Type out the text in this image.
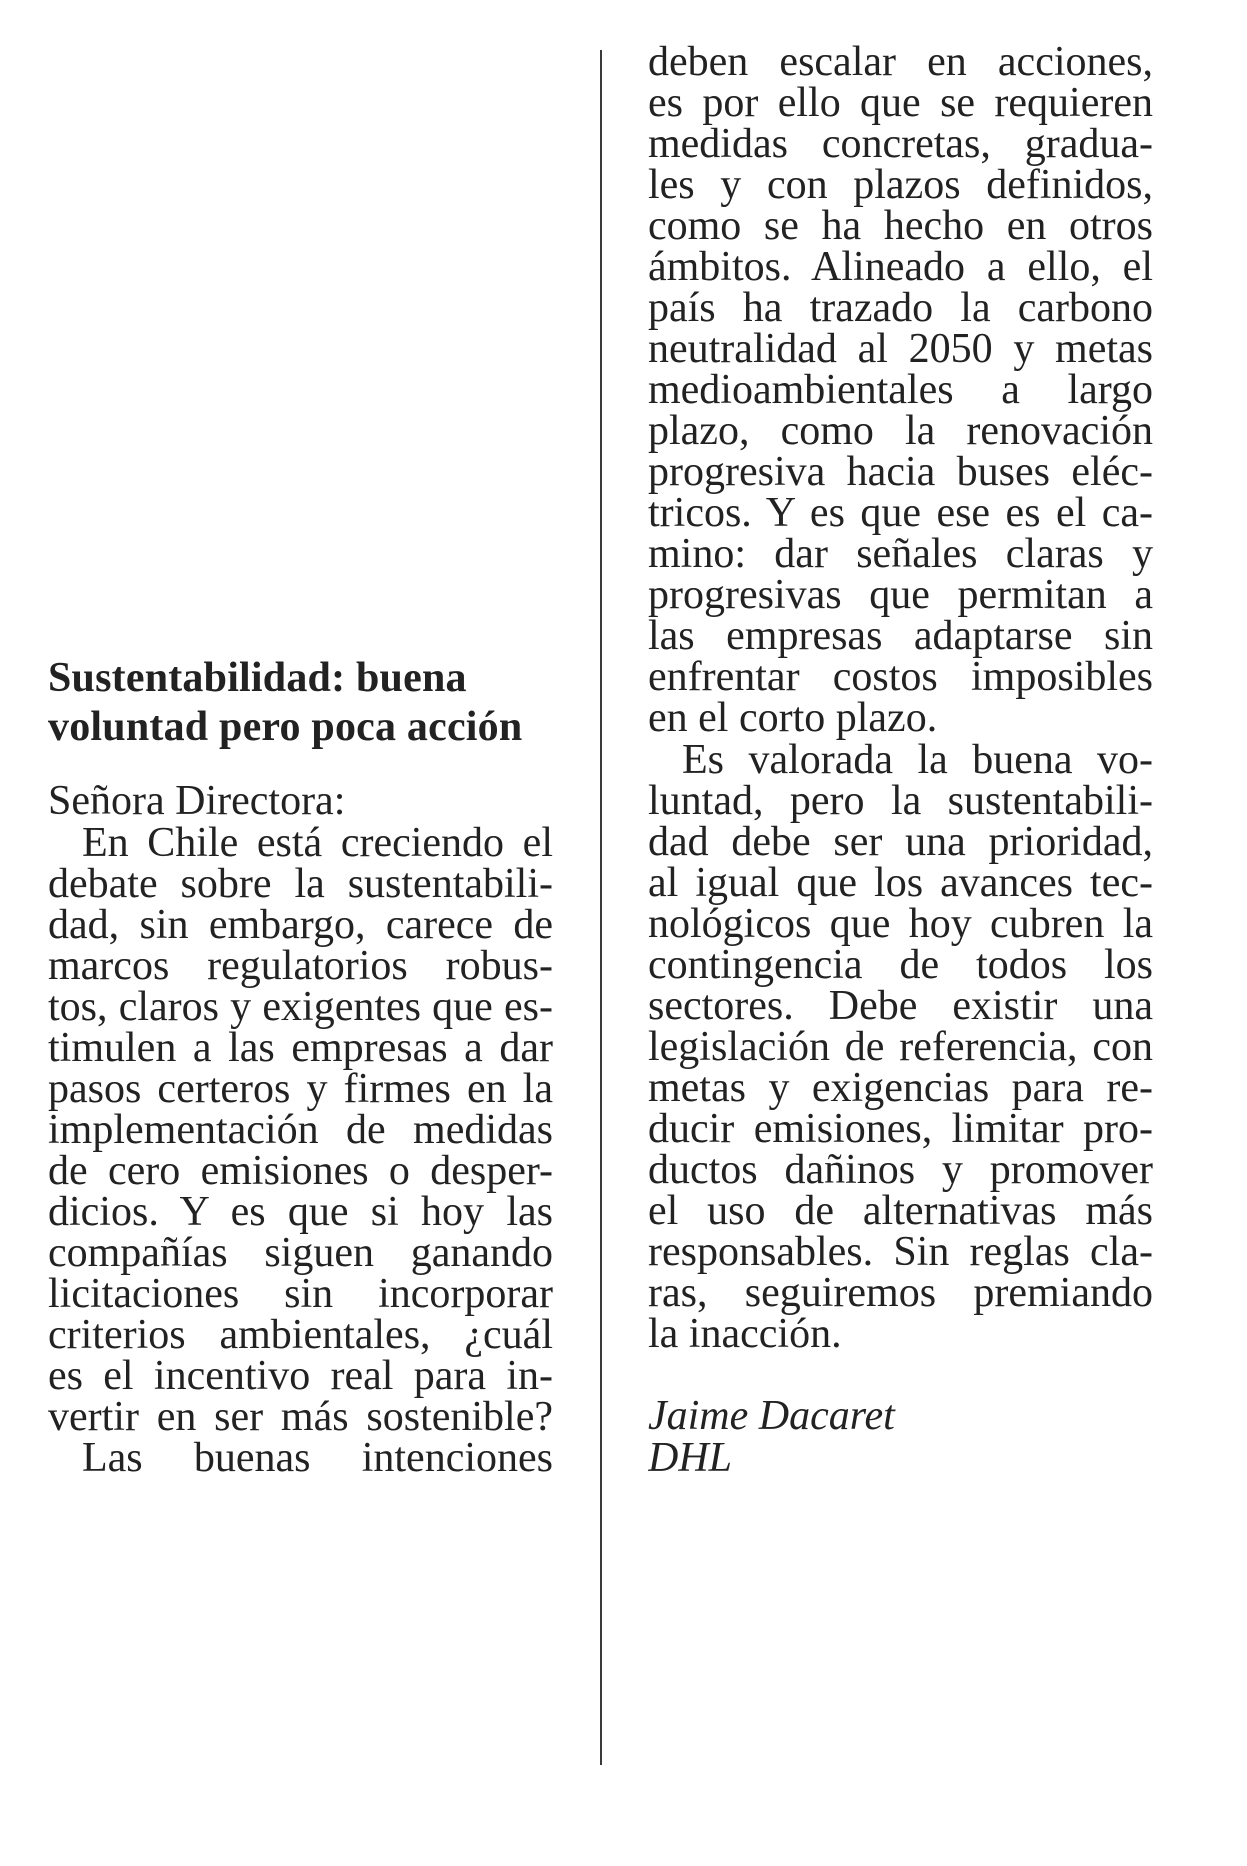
Sustentabilidad: buena
voluntad pero poca acción
Señora Directora:
En Chile está creciendo el
debate sobre la sustentabili-
dad, sin embargo, carece de
marcos regulatorios robus-
tos, claros y exigentes que es-
timulen a las empresas a dar
pasos certeros y firmes en la
implementación de medidas
de cero emisiones o desper-
dicios. Y es que si hoy las
compañías siguen ganando
licitaciones sin incorporar
criterios ambientales, ¿cuál
es el incentivo real para in-
vertir en ser más sostenible?
Las buenas intenciones
deben escalar en acciones,
es por ello que se requieren
medidas concretas, gradua-
les y con plazos definidos,
como se ha hecho en otros
ámbitos. Alineado a ello, el
país ha trazado la carbono
neutralidad al 2050 y metas
medioambientales a largo
plazo, como la renovación
progresiva hacia buses eléc-
tricos. Y es que ese es el ca-
mino: dar señales claras y
progresivas que permitan a
las empresas adaptarse sin
enfrentar costos imposibles
en el corto plazo.
Es valorada la buena vo-
luntad, pero la sustentabili-
dad debe ser una prioridad,
al igual que los avances tec-
nológicos que hoy cubren la
contingencia de todos los
sectores. Debe existir una
legislación de referencia, con
metas y exigencias para re-
ducir emisiones, limitar pro-
ductos dañinos y promover
el uso de alternativas más
responsables. Sin reglas cla-
ras, seguiremos premiando
la inacción.
Jaime Dacaret
DHL
